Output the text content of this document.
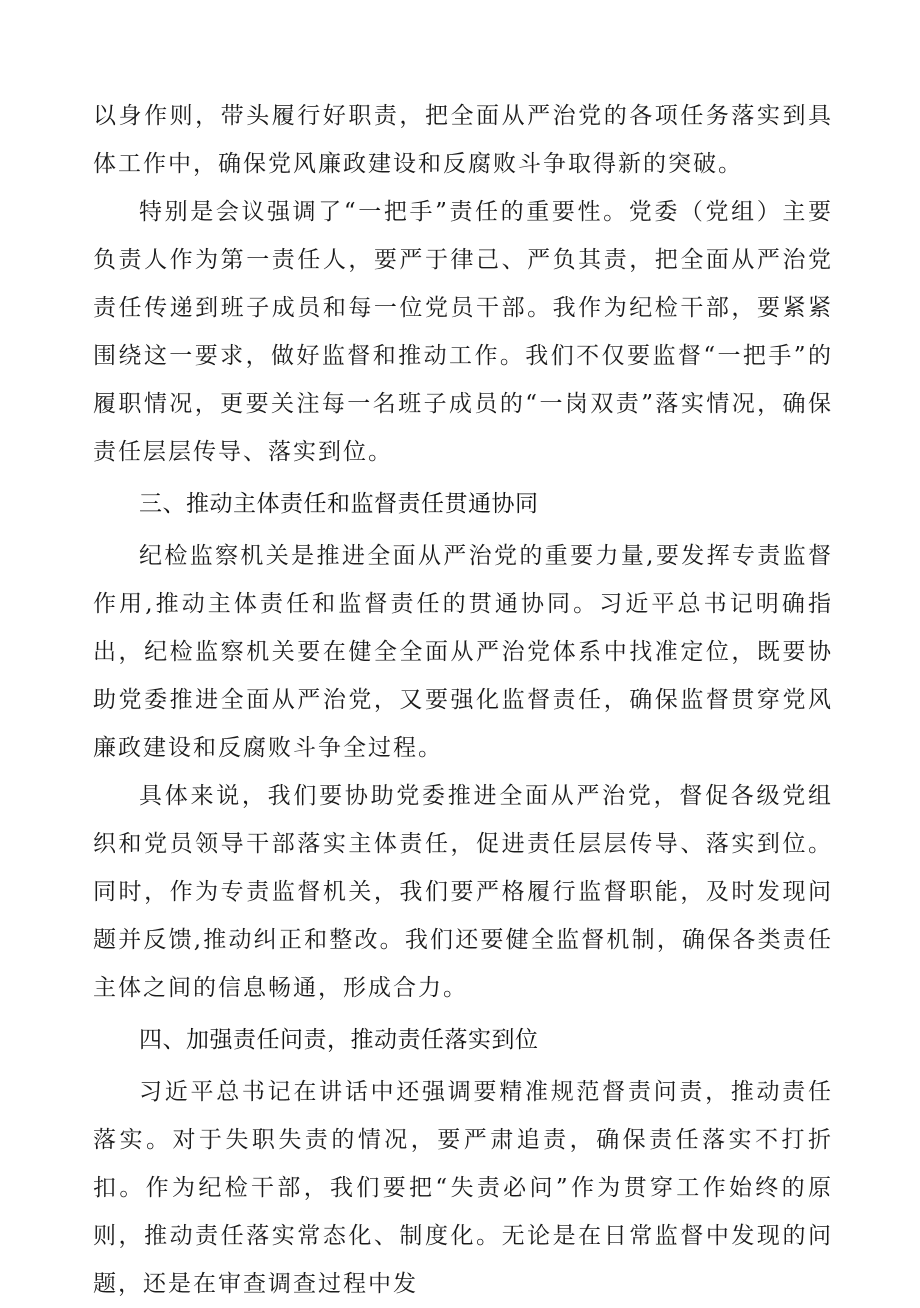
以身作则，带头履行好职责，把全面从严治党的各项任务落实到具体工作中，确保党风廉政建设和反腐败斗争取得新的突破。

特别是会议强调了“一把手”责任的重要性。党委（党组）主要负责人作为第一责任人，要严于律己、严负其责，把全面从严治党责任传递到班子成员和每一位党员干部。我作为纪检干部，要紧紧围绕这一要求，做好监督和推动工作。我们不仅要监督“一把手”的履职情况，更要关注每一名班子成员的“一岗双责”落实情况，确保责任层层传导、落实到位。

三、推动主体责任和监督责任贯通协同

纪检监察机关是推进全面从严治党的重要力量,要发挥专责监督作用,推动主体责任和监督责任的贯通协同。习近平总书记明确指出，纪检监察机关要在健全全面从严治党体系中找准定位，既要协助党委推进全面从严治党，又要强化监督责任，确保监督贯穿党风廉政建设和反腐败斗争全过程。

具体来说，我们要协助党委推进全面从严治党，督促各级党组织和党员领导干部落实主体责任，促进责任层层传导、落实到位。同时，作为专责监督机关，我们要严格履行监督职能，及时发现问题并反馈,推动纠正和整改。我们还要健全监督机制，确保各类责任主体之间的信息畅通，形成合力。

四、加强责任问责，推动责任落实到位

习近平总书记在讲话中还强调要精准规范督责问责，推动责任落实。对于失职失责的情况，要严肃追责，确保责任落实不打折扣。作为纪检干部，我们要把“失责必问”作为贯穿工作始终的原则，推动责任落实常态化、制度化。无论是在日常监督中发现的问题，还是在审查调查过程中发
